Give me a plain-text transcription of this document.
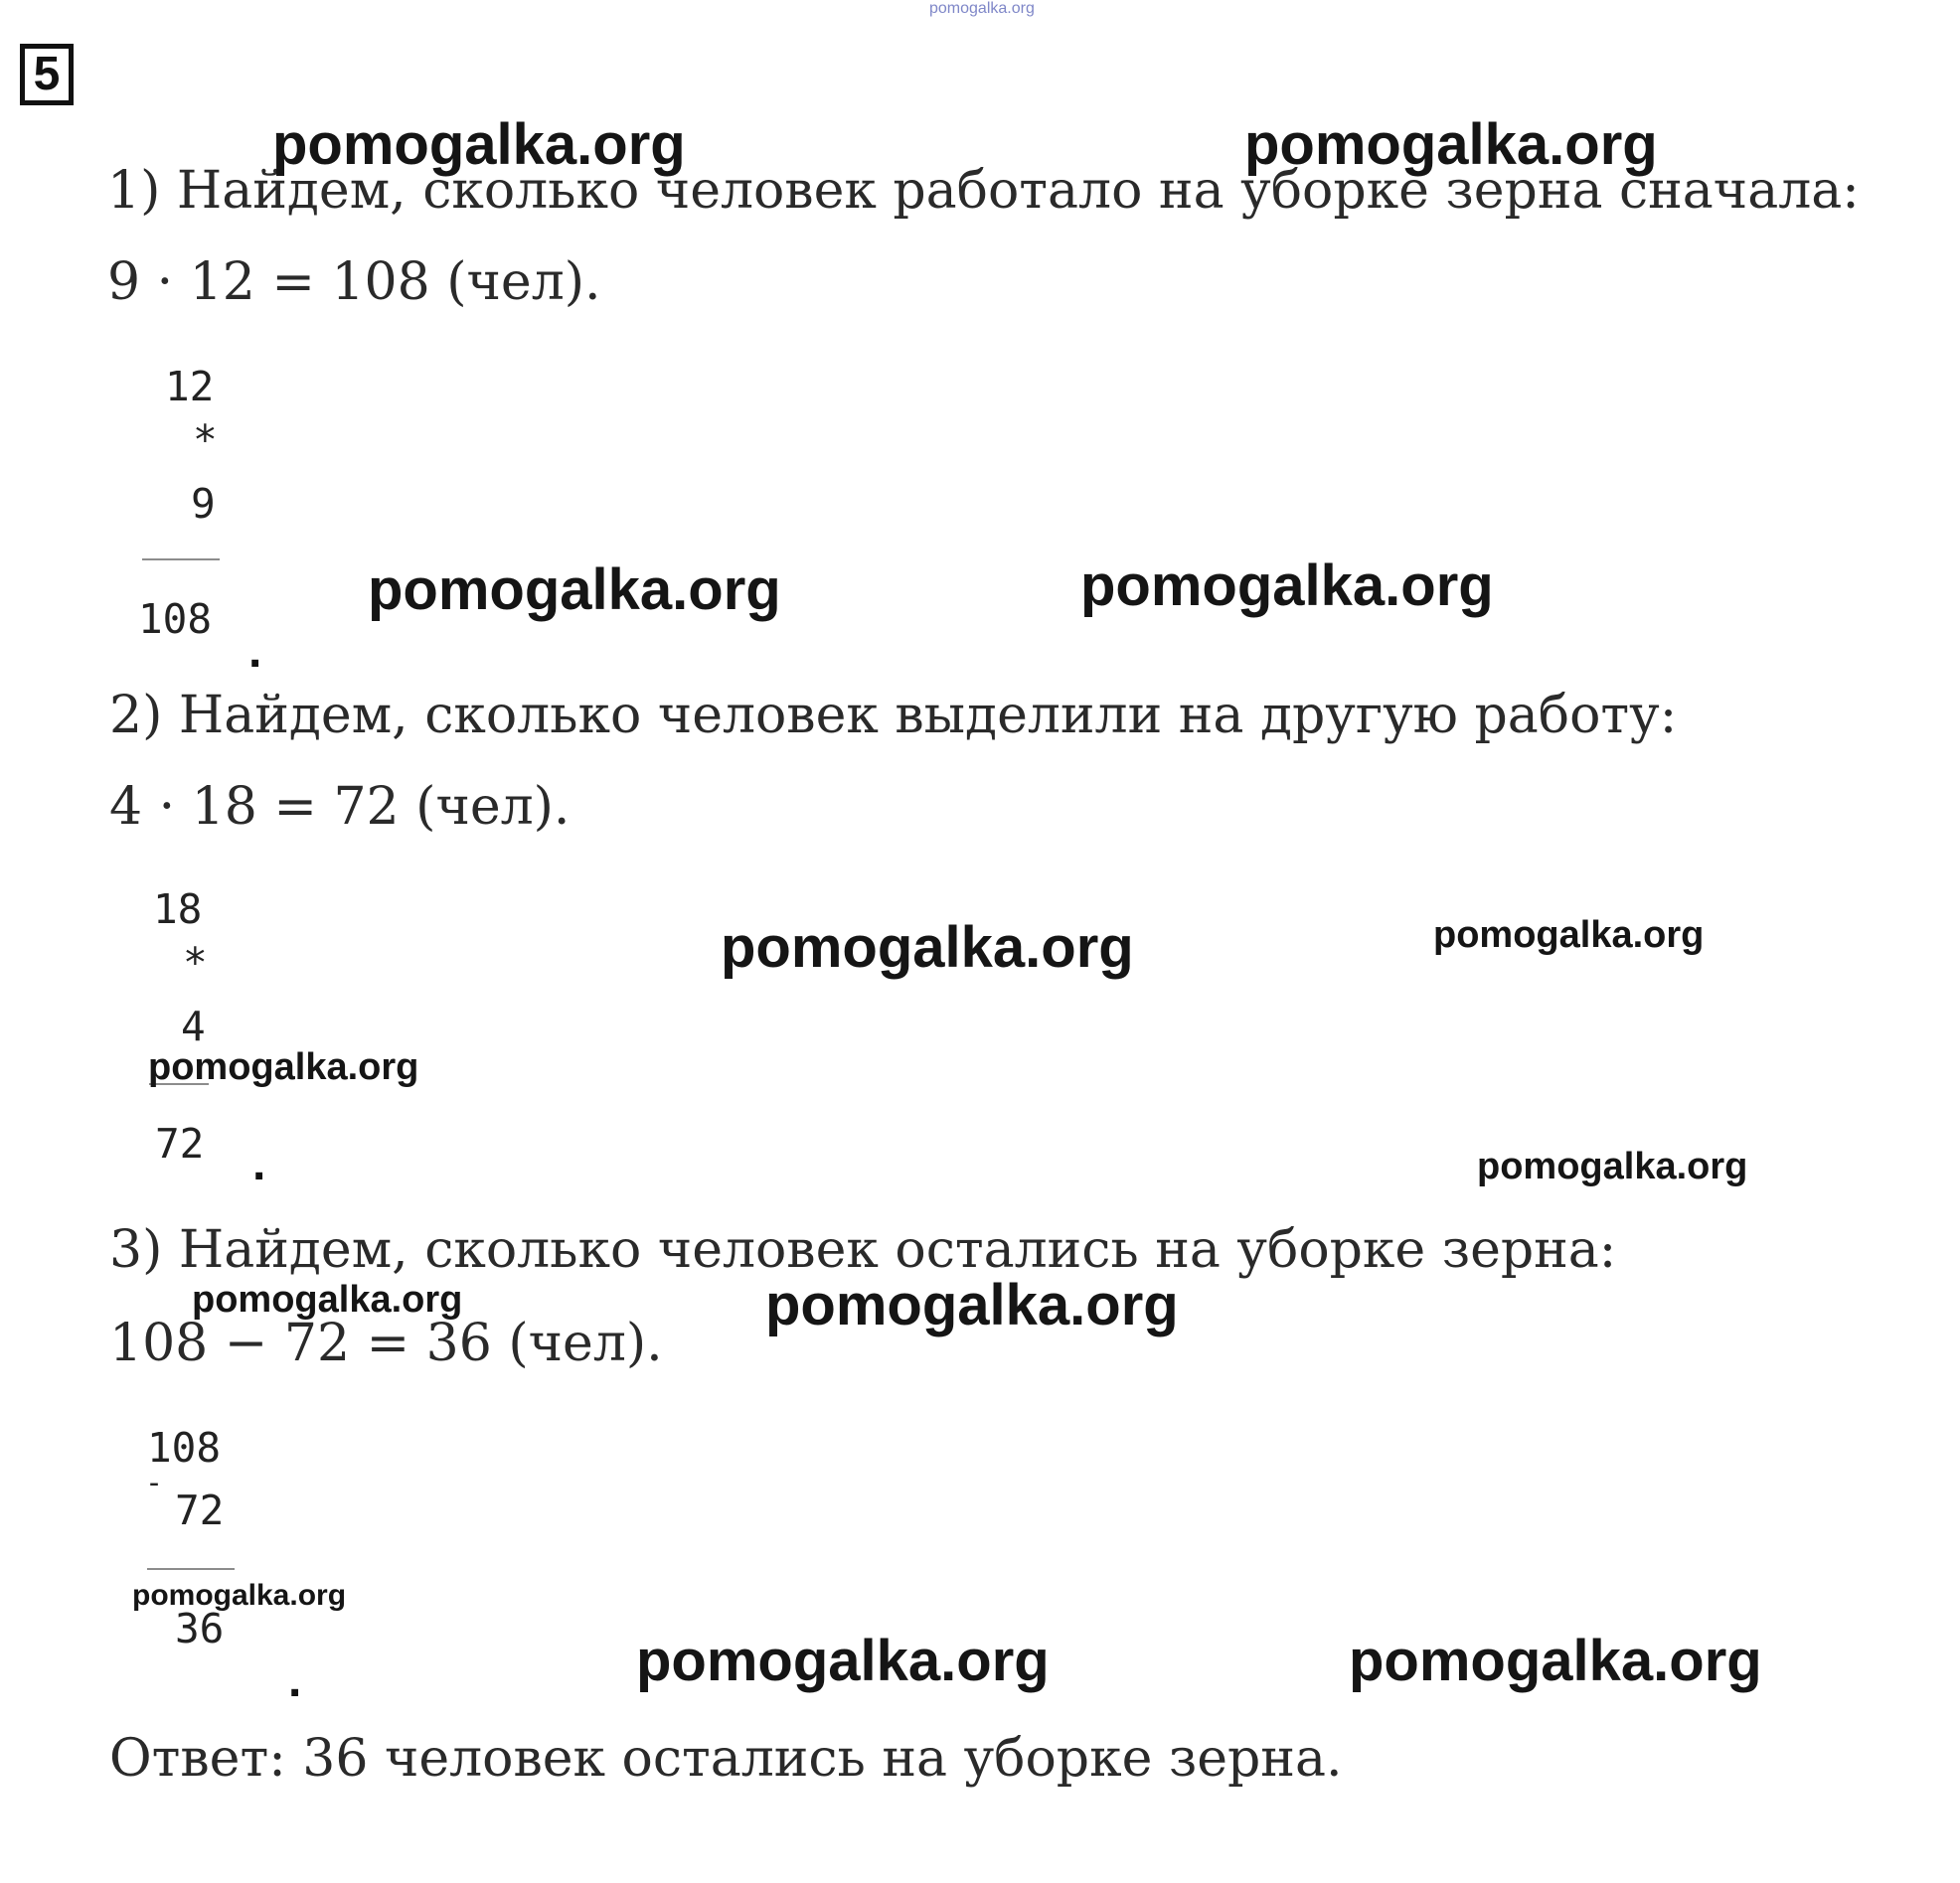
pomogalka.org
5
1) Найдем, сколько человек работало на уборке зерна сначала:
9 · 12 = 108 (чел).
12
*
9
108
.
2) Найдем, сколько человек выделили на другую работу:
4 · 18 = 72 (чел).
18
*
4
72 .
3) Найдем, сколько человек остались на уборке зерна:
108 − 72 = 36 (чел).
108
-
72
36
.
Ответ: 36 человек остались на уборке зерна.
pomogalka.org	pomogalka.org
pomogalka.org	pomogalka.org
pomogalka.org	pomogalka.org
pomogalka.org
pomogalka.org
pomogalka.org	pomogalka.org
pomogalka.org
pomogalka.org	pomogalka.org
